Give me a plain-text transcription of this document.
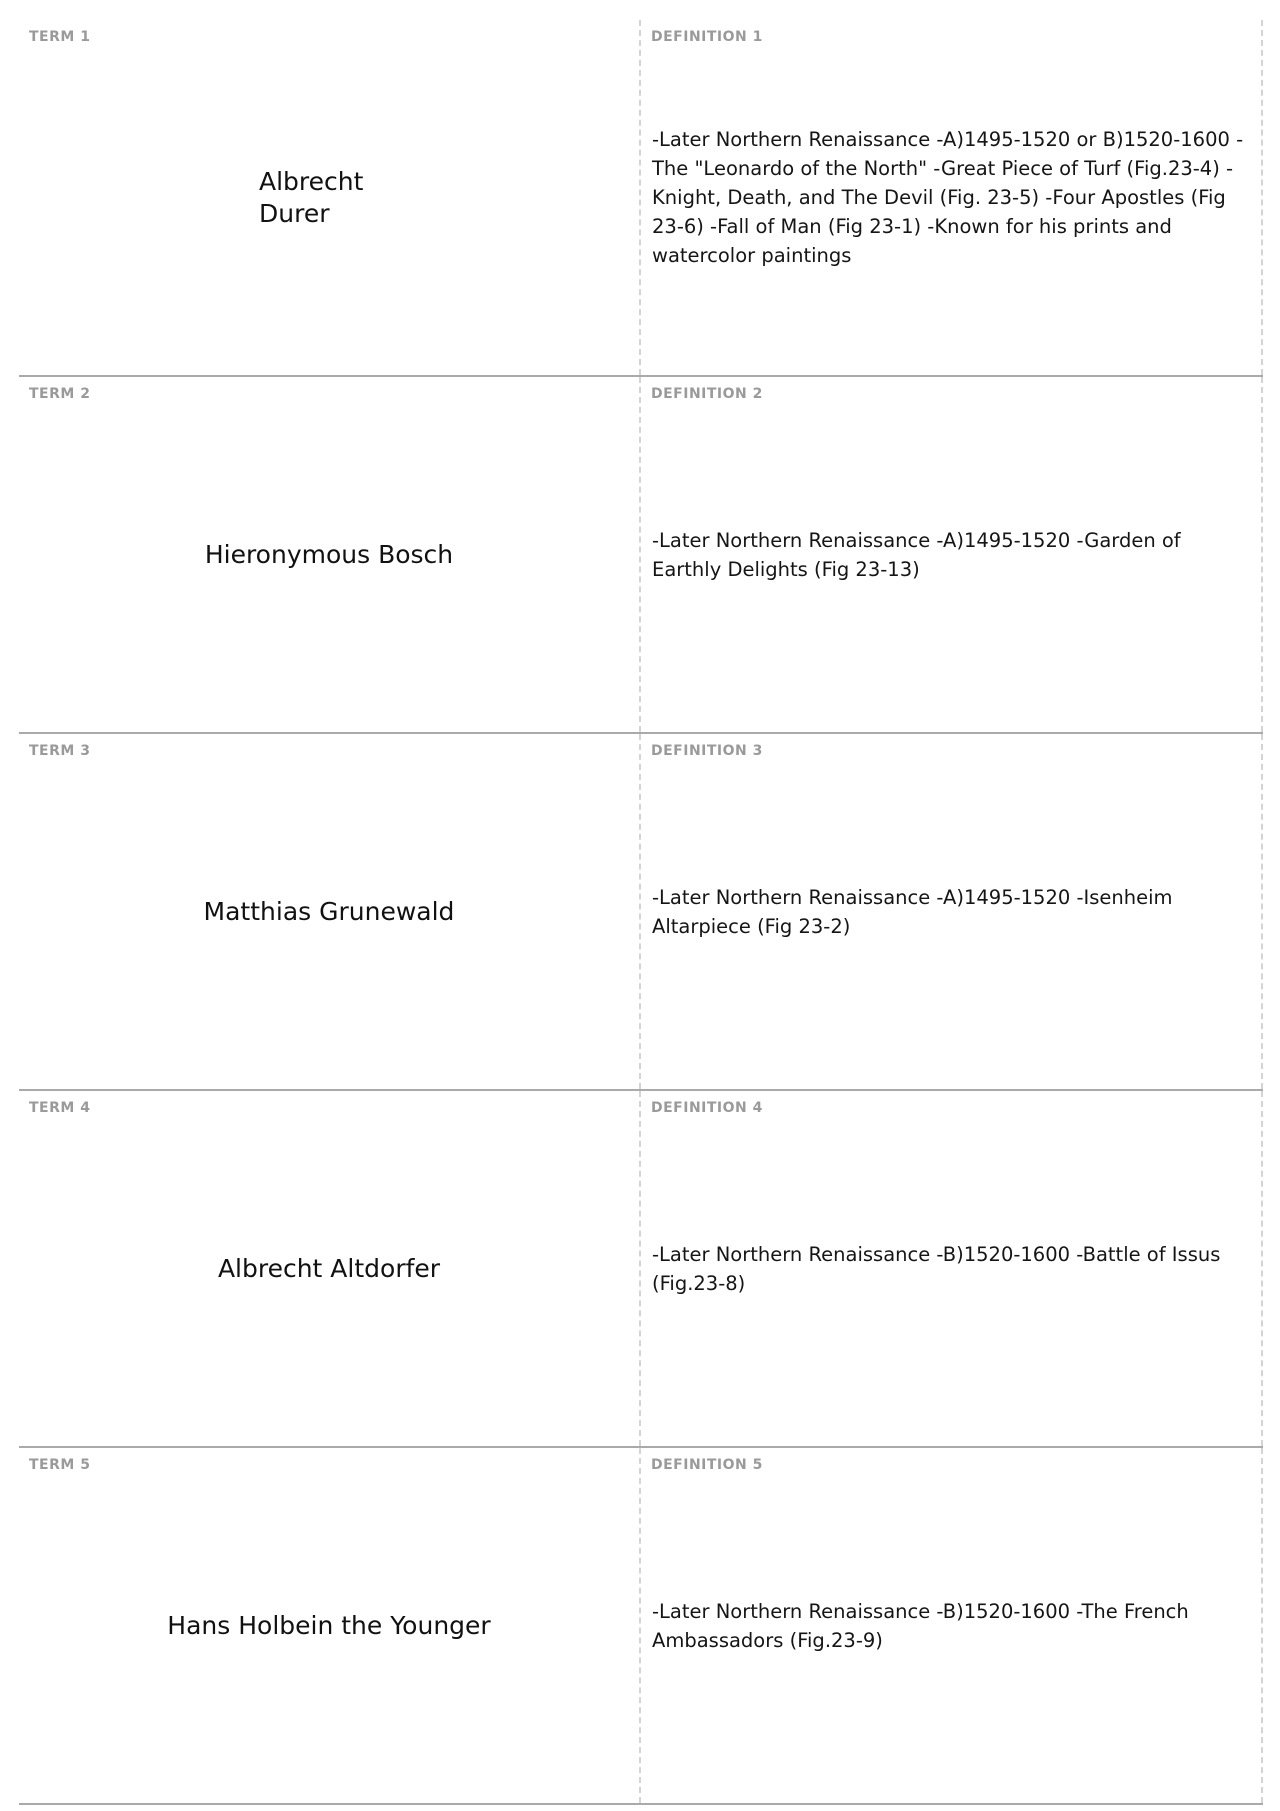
TERM 1
Albrecht Durer
DEFINITION 1
-Later Northern Renaissance -A)1495-1520 or B)1520-1600 -The "Leonardo of the North" -Great Piece of Turf (Fig.23-4) -Knight, Death, and The Devil (Fig. 23-5) -Four Apostles (Fig 23-6) -Fall of Man (Fig 23-1) -Known for his prints and watercolor paintings
TERM 2
Hieronymous Bosch
DEFINITION 2
-Later Northern Renaissance -A)1495-1520 -Garden of Earthly Delights (Fig 23-13)
TERM 3
Matthias Grunewald
DEFINITION 3
-Later Northern Renaissance -A)1495-1520 -Isenheim Altarpiece (Fig 23-2)
TERM 4
Albrecht Altdorfer
DEFINITION 4
-Later Northern Renaissance -B)1520-1600 -Battle of Issus (Fig.23-8)
TERM 5
Hans Holbein the Younger
DEFINITION 5
-Later Northern Renaissance -B)1520-1600 -The French Ambassadors (Fig.23-9)
